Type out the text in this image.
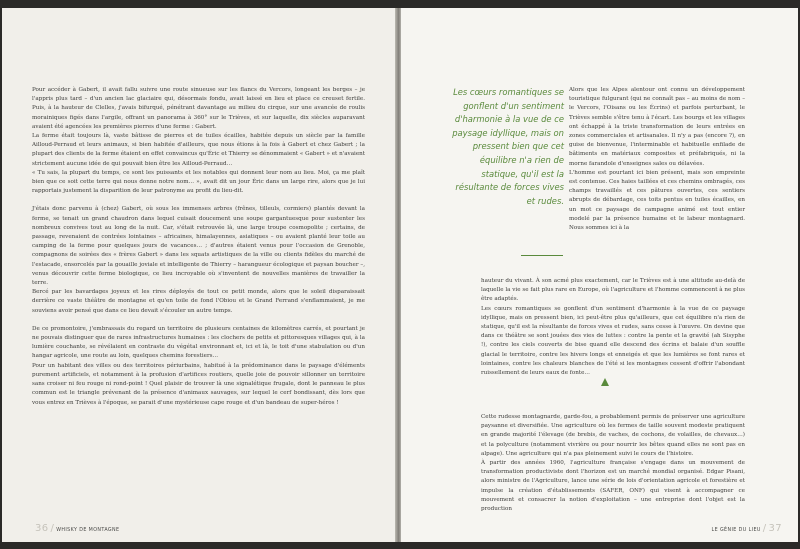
Pour accéder à Gabert, il avait fallu suivre une route sinueuse sur les flancs du Vercors, longeant les berges – je l'appris plus tard – d'un ancien lac glaciaire qui, désormais fondu, avait laissé en lieu et place ce creuset fertile. Puis, à la hauteur de Clelles, j'avais bifurqué, pénétrant davantage au milieu du cirque, sur une avancée de roulis morainiques figés dans l'argile, offrant un panorama à 360° sur le Trièves, et sur laquelle, dix siècles auparavant avaient été agencées les premières pierres d'une ferme : Gabert.

La ferme était toujours là, vaste bâtisse de pierres et de tuiles écailles, habitée depuis un siècle par la famille Ailloud-Perraud et leurs animaux, si bien habitée d'ailleurs, que nous étions à la fois à Gabert et chez Gabert ; la plupart des clients de la ferme étaient en effet convaincus qu'Éric et Thierry se dénommaient « Gabert » et n'avaient strictement aucune idée de qui pouvait bien être les Ailloud-Perraud…

« Tu sais, la plupart du temps, ce sont les puissants et les notables qui donnent leur nom au lieu. Moi, ça me plaît bien que ce soit cette terre qui nous donne notre nom… », avait dit un jour Éric dans un large rire, alors que je lui rapportais justement la disparition de leur patronyme au profit du lieu-dit.

J'étais donc parvenu à (chez) Gabert, où sous les immenses arbres (frênes, tilleuls, cormiers) plantés devant la ferme, se tenait un grand chaudron dans lequel cuisait doucement une soupe gargantuesque pour sustenter les nombreux convives tout au long de la nuit. Car, s'était retrouvée là, une large troupe cosmopolite ; certains, de passage, revenaient de contrées lointaines – africaines, himalayennes, asiatiques – ou avaient planté leur toile au camping de la ferme pour quelques jours de vacances… ; d'autres étaient venus pour l'occasion de Grenoble, compagnons de soirées des « frères Gabert » dans les squats artistiques de la ville ou clients fidèles du marché de l'estacade, ensorcelés par la gouaille joviale et intelligente de Thierry – harangueur écologique et paysan boucher –, venus découvrir cette ferme biologique, ce lieu incroyable où s'inventent de nouvelles manières de travailler la terre.

Bercé par les bavardages joyeux et les rires déployés de tout ce petit monde, alors que le soleil disparaissait derrière ce vaste théâtre de montagne et qu'en toile de fond l'Obiou et le Grand Ferrand s'enflammaient, je me souviens avoir pensé que dans ce lieu devait s'écouler un autre temps.

De ce promontoire, j'embrassais du regard un territoire de plusieurs centaines de kilomètres carrés, et pourtant je ne pouvais distinguer que de rares infrastructures humaines : les clochers de petits et pittoresques villages qui, à la lumière couchante, se révélaient en contraste du végétal environnant et, ici et là, le toit d'une stabulation ou d'un hangar agricole, une route au loin, quelques chemins forestiers…

Pour un habitant des villes ou des territoires périurbains, habitué à la prédominance dans le paysage d'éléments purement artificiels, et notamment à la profusion d'artifices routiers, quelle joie de pouvoir sillonner un territoire sans croiser ni feu rouge ni rond-point ! Quel plaisir de trouver là une signalétique frugale, dont le panneau le plus commun est le triangle prévenant de la présence d'animaux sauvages, sur lequel le cerf bondissant, dès lors que vous entrez en Trièves à l'époque, se parait d'une mystérieuse cape rouge et d'un bandeau de super-héros !

36 / WHISKY DE MONTAGNE
Les cœurs romantiques se gonflent d'un sentiment d'harmonie à la vue de ce paysage idyllique, mais on pressent bien que cet équilibre n'a rien de statique, qu'il est la résultante de forces vives et rudes.

Alors que les Alpes alentour ont connu un développement touristique fulgurant (qui ne connaît pas – au moins de nom – le Vercors, l'Oisans ou les Écrins) et parfois perturbant, le Trièves semble s'être tenu à l'écart. Les bourgs et les villages ont échappé à la triste transformation de leurs entrées en zones commerciales et artisanales. Il n'y a pas (encore ?), en guise de bienvenue, l'interminable et habituelle enfilade de bâtiments en matériaux composites et préfabriqués, ni la morne farandole d'enseignes sales ou délavées.

L'homme est pourtant ici bien présent, mais son empreinte est contenue. Ces haies taillées et ces chemins ombragés, ces champs travaillés et ces pâtures ouvertes, ces sentiers abrupts de débardage, ces toits pentus en tuiles écailles, en un mot ce paysage de campagne animé est tout entier modelé par la présence humaine et le labeur montagnard. Nous sommes ici à la

hauteur du vivant. À son acmé plus exactement, car le Trièves est à une altitude au-delà de laquelle la vie se fait plus rare en Europe, où l'agriculture et l'homme commencent à ne plus être adaptés.

Les cœurs romantiques se gonflent d'un sentiment d'harmonie à la vue de ce paysage idyllique, mais on pressent bien, ici peut-être plus qu'ailleurs, que cet équilibre n'a rien de statique, qu'il est la résultante de forces vives et rudes, sans cesse à l'œuvre. On devine que dans ce théâtre se sont jouées des vies de luttes : contre la pente et la gravité (ah Sisyphe !), contre les ciels couverts de bise quand elle descend des écrins et balaie d'un souffle glacial le territoire, contre les hivers longs et enneigés et que les lumières se font rares et lointaines, contre les chaleurs blanches de l'été si les montagnes cessent d'offrir l'abondant ruissellement de leurs eaux de fonte…

Cette rudesse montagnarde, garde-fou, a probablement permis de préserver une agriculture paysanne et diversifiée. Une agriculture où les fermes de taille souvent modeste pratiquent en grande majorité l'élevage (de brebis, de vaches, de cochons, de volailles, de chevaux…) et la polyculture (notamment vivrière ou pour nourrir les bêtes quand elles ne sont pas en alpage). Une agriculture qui n'a pas pleinement suivi le cours de l'histoire.

À partir des années 1960, l'agriculture française s'engage dans un mouvement de transformation productiviste dont l'horizon est un marché mondial organisé. Edgar Pisani, alors ministre de l'Agriculture, lance une série de lois d'orientation agricole et forestière et impulse la création d'établissements (SAFER, ONF) qui visent à accompagner ce mouvement et consacrer la notion d'exploitation – une entreprise dont l'objet est la production

LE GÉNIE DU LIEU / 37
